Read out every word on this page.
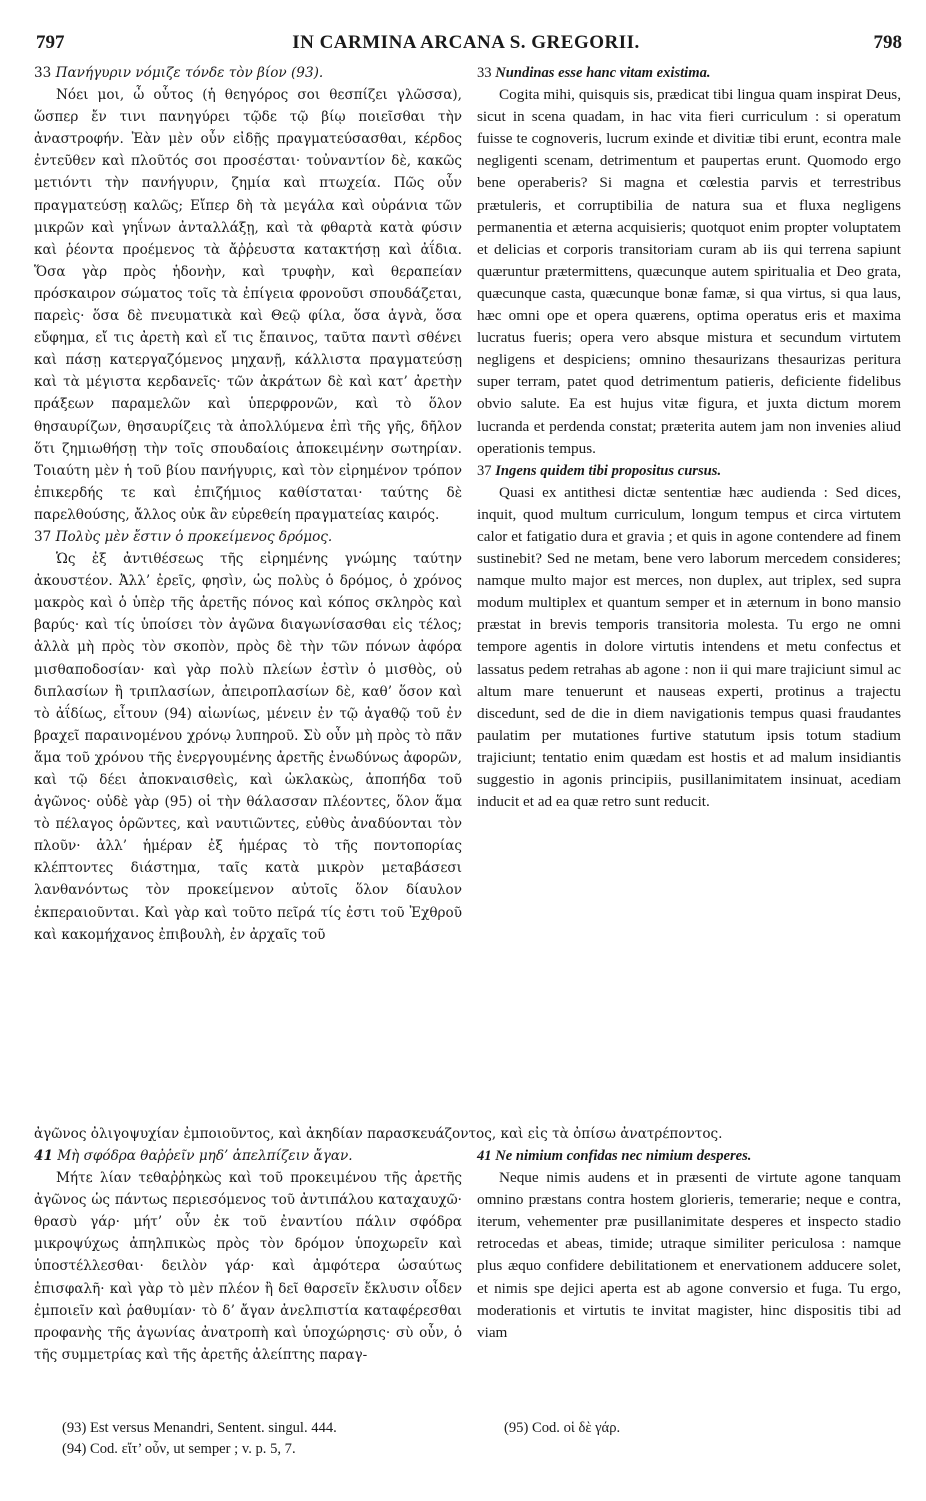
797	IN CARMINA ARCANA S. GREGORII.	798
33 Πανήγυριν νόμιζε τόνδε τὸν βίον (93).

Νόει μοι, ὦ οὗτος (ἡ θεηγόρος σοι θεσπίζει γλῶσσα), ὥσπερ ἔν τινι πανηγύρει τῷδε τῷ βίῳ ποιεῖσθαι τὴν ἀναστροφήν. Ἐὰν μὲν οὖν εἰδῇς πραγματεύσασθαι, κέρδος ἐντεῦθεν καὶ πλοῦτός σοι προσέσται· τοὐναντίον δὲ, κακῶς μετιόντι τὴν πανήγυριν, ζημία καὶ πτωχεία. Πῶς οὖν πραγματεύσῃ καλῶς; Εἴπερ δὴ τὰ μεγάλα καὶ οὐράνια τῶν μικρῶν καὶ γηΐνων ἀνταλλάξῃ, καὶ τὰ φθαρτὰ κατὰ φύσιν καὶ ῥέοντα προέμενος τὰ ἄῤῥευστα κατακτήσῃ καὶ ἀΐδια. Ὅσα γὰρ πρὸς ἡδονὴν, καὶ τρυφὴν, καὶ θεραπείαν πρόσκαιρον σώματος τοῖς τὰ ἐπίγεια φρονοῦσι σπουδάζεται, παρεὶς· ὅσα δὲ πνευματικὰ καὶ Θεῷ φίλα, ὅσα ἁγνὰ, ὅσα εὔφημα, εἴ τις ἀρετὴ καὶ εἴ τις ἔπαινος, ταῦτα παντὶ σθένει καὶ πάσῃ κατεργαζόμενος μηχανῇ, κάλλιστα πραγματεύσῃ καὶ τὰ μέγιστα κερδανεῖς· τῶν ἀκράτων δὲ καὶ κατ’ ἀρετὴν πράξεων παραμελῶν καὶ ὑπερφρονῶν, καὶ τὸ ὅλον θησαυρίζων, θησαυρίζεις τὰ ἀπολλύμενα ἐπὶ τῆς γῆς, δῆλον ὅτι ζημιωθήσῃ τὴν τοῖς σπουδαίοις ἀποκειμένην σωτηρίαν. Τοιαύτη μὲν ἡ τοῦ βίου πανήγυρις, καὶ τὸν εἰρημένον τρόπον ἐπικερδής τε καὶ ἐπιζήμιος καθίσταται· ταύτης δὲ παρελθούσης, ἄλλος οὐκ ἂν εὑρεθείη πραγματείας καιρός.

37 Πολὺς μὲν ἔστιν ὁ προκείμενος δρόμος.

Ὡς ἐξ ἀντιθέσεως τῆς εἰρημένης γνώμης ταύτην ἀκουστέον. Ἀλλ’ ἐρεῖς, φησὶν, ὡς πολὺς ὁ δρόμος, ὁ χρόνος μακρὸς καὶ ὁ ὑπὲρ τῆς ἀρετῆς πόνος καὶ κόπος σκληρὸς καὶ βαρύς· καὶ τίς ὑποίσει τὸν ἀγῶνα διαγωνίσασθαι εἰς τέλος; ἀλλὰ μὴ πρὸς τὸν σκοπὸν, πρὸς δὲ τὴν τῶν πόνων ἀφόρα μισθαποδοσίαν· καὶ γὰρ πολὺ πλείων ἐστὶν ὁ μισθὸς, οὐ διπλασίων ἢ τριπλασίων, ἀπειροπλασίων δὲ, καθ’ ὅσον καὶ τὸ ἀΐδίως, εἶτουν (94) αἰωνίως, μένειν ἐν τῷ ἀγαθῷ τοῦ ἐν βραχεῖ παραινομένου χρόνῳ λυπηροῦ. Σὺ οὖν μὴ πρὸς τὸ πᾶν ἅμα τοῦ χρόνου τῆς ἐνεργουμένης ἀρετῆς ἐνωδύνως ἀφορῶν, καὶ τῷ δέει ἀποκναισθεὶς, καὶ ὠκλακὼς, ἀποπήδα τοῦ ἀγῶνος· οὐδὲ γὰρ (95) οἱ τὴν θάλασσαν πλέοντες, ὅλον ἅμα τὸ πέλαγος ὁρῶντες, καὶ ναυτιῶντες, εὐθὺς ἀναδύονται τὸν πλοῦν· ἀλλ’ ἡμέραν ἐξ ἡμέρας τὸ τῆς ποντοπορίας κλέπτοντες διάστημα, ταῖς κατὰ μικρὸν μεταβάσεσι λανθανόντως τὸν προκείμενον αὐτοῖς ὅλον δίαυλον ἐκπεραιοῦνται. Καὶ γὰρ καὶ τοῦτο πεῖρά τίς ἐστι τοῦ Ἐχθροῦ καὶ κακομήχανος ἐπιβουλὴ, ἐν ἀρχαῖς τοῦ

33 Nundinas esse hanc vitam existima.

Cogita mihi, quisquis sis, prædicat tibi lingua quam inspirat Deus, sicut in scena quadam, in hac vita fieri curriculum : si operatum fuisse te cognoveris, lucrum exinde et divitiæ tibi erunt, econtra male negligenti scenam, detrimentum et paupertas erunt. Quomodo ergo bene operaberis? Si magna et cœlestia parvis et terrestribus prætuleris, et corruptibilia de natura sua et fluxa negligens permanentia et æterna acquisieris; quotquot enim propter voluptatem et delicias et corporis transitoriam curam ab iis qui terrena sapiunt quæruntur prætermittens, quæcunque autem spiritualia et Deo grata, quæcunque casta, quæcunque bonæ famæ, si qua virtus, si qua laus, hæc omni ope et opera quærens, optima operatus eris et maxima lucratus fueris; opera vero absque mistura et secundum virtutem negligens et despiciens; omnino thesaurizans thesaurizas peritura super terram, patet quod detrimentum patieris, deficiente fidelibus obvio salute. Ea est hujus vitæ figura, et juxta dictum morem lucranda et perdenda constat; præterita autem jam non invenies aliud operationis tempus.

37 Ingens quidem tibi propositus cursus.

Quasi ex antithesi dictæ sententiæ hæc audienda : Sed dices, inquit, quod multum curriculum, longum tempus et circa virtutem calor et fatigatio dura et gravia ; et quis in agone contendere ad finem sustinebit? Sed ne metam, bene vero laborum mercedem consideres; namque multo major est merces, non duplex, aut triplex, sed supra modum multiplex et quantum semper et in æternum in bono mansio præstat in brevis temporis transitoria molesta. Tu ergo ne omni tempore agentis in dolore virtutis intendens et metu confectus et lassatus pedem retrahas ab agone : non ii qui mare trajiciunt simul ac altum mare tenuerunt et nauseas experti, protinus a trajectu discedunt, sed de die in diem navigationis tempus quasi fraudantes paulatim per mutationes furtive statutum ipsis totum stadium trajiciunt; tentatio enim quædam est hostis et ad malum insidiantis suggestio in agonis principiis, pusillanimitatem insinuat, acediam inducit et ad ea quæ retro sunt reducit.

ἀγῶνος ὀλιγοψυχίαν ἐμποιοῦντος, καὶ ἀκηδίαν παρασκευάζοντος, καὶ εἰς τὰ ὀπίσω ἀνατρέποντος.
41 Μὴ σφόδρα θαῤῥεῖν μηδ’ ἀπελπίζειν ἄγαν.

Μήτε λίαν τεθαῤῥηκὼς καὶ τοῦ προκειμένου τῆς ἀρετῆς ἀγῶνος ὡς πάντως περιεσόμενος τοῦ ἀντιπάλου καταχαυχῶ· θρασὺ γάρ· μήτ’ οὖν ἐκ τοῦ ἐναντίου πάλιν σφόδρα μικροψύχως ἀπηλπικὼς πρὸς τὸν δρόμον ὑποχωρεῖν καὶ ὑποστέλλεσθαι· δειλὸν γάρ· καὶ ἀμφότερα ὡσαύτως ἐπισφαλῆ· καὶ γὰρ τὸ μὲν πλέον ἢ δεῖ θαρσεῖν ἔκλυσιν οἶδεν ἐμποιεῖν καὶ ῥαθυμίαν· τὸ δ’ ἄγαν ἀνελπιστία καταφέρεσθαι προφανὴς τῆς ἀγωνίας ἀνατροπὴ καὶ ὑποχώρησις· σὺ οὖν, ὁ τῆς συμμετρίας καὶ τῆς ἀρετῆς ἀλείπτης παραγ-

41 Ne nimium confidas nec nimium desperes.

Neque nimis audens et in præsenti de virtute agone tanquam omnino præstans contra hostem glorieris, temerarie; neque e contra, iterum, vehementer præ pusillanimitate desperes et inspecto stadio retrocedas et abeas, timide; utraque similiter periculosa : namque plus æquo confidere debilitationem et enervationem adducere solet, et nimis spe dejici aperta est ab agone conversio et fuga. Tu ergo, moderationis et virtutis te invitat magister, hinc dispositis tibi ad viam

(93) Est versus Menandri, Sentent. singul. 444.
(94) Cod. εἴτ’ οὖν, ut semper ; v. p. 5, 7.
(95) Cod. οἱ δὲ γάρ.
